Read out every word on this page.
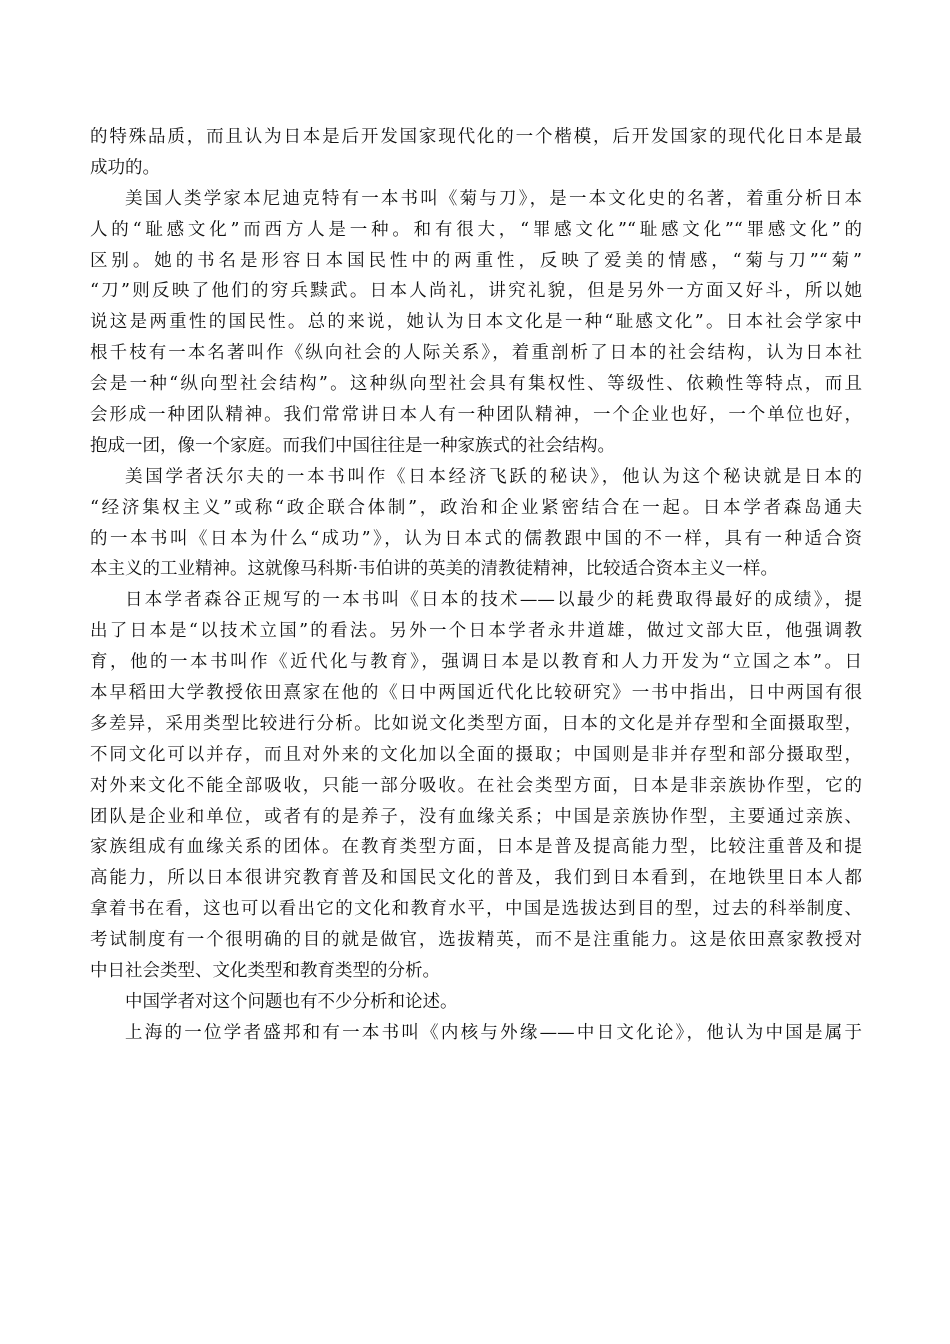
的特殊品质，而且认为日本是后开发国家现代化的一个楷模，后开发国家的现代化日本是最
成功的。
美国人类学家本尼迪克特有一本书叫《菊与刀》，是一本文化史的名著，着重分析日本
人的“耻感文化”而西方人是一种。和有很大，“罪感文化”“耻感文化”“罪感文化”的
区别。她的书名是形容日本国民性中的两重性，反映了爱美的情感，“菊与刀”“菊”
“刀”则反映了他们的穷兵黩武。日本人尚礼，讲究礼貌，但是另外一方面又好斗，所以她
说这是两重性的国民性。总的来说，她认为日本文化是一种“耻感文化”。日本社会学家中
根千枝有一本名著叫作《纵向社会的人际关系》，着重剖析了日本的社会结构，认为日本社
会是一种“纵向型社会结构”。这种纵向型社会具有集权性、等级性、依赖性等特点，而且
会形成一种团队精神。我们常常讲日本人有一种团队精神，一个企业也好，一个单位也好，
抱成一团，像一个家庭。而我们中国往往是一种家族式的社会结构。
美国学者沃尔夫的一本书叫作《日本经济飞跃的秘诀》，他认为这个秘诀就是日本的
“经济集权主义”或称“政企联合体制”，政治和企业紧密结合在一起。日本学者森岛通夫
的一本书叫《日本为什么“成功”》，认为日本式的儒教跟中国的不一样，具有一种适合资
本主义的工业精神。这就像马科斯·韦伯讲的英美的清教徒精神，比较适合资本主义一样。
日本学者森谷正规写的一本书叫《日本的技术——以最少的耗费取得最好的成绩》，提
出了日本是“以技术立国”的看法。另外一个日本学者永井道雄，做过文部大臣，他强调教
育，他的一本书叫作《近代化与教育》，强调日本是以教育和人力开发为“立国之本”。日
本早稻田大学教授依田熹家在他的《日中两国近代化比较研究》一书中指出，日中两国有很
多差异，采用类型比较进行分析。比如说文化类型方面，日本的文化是并存型和全面摄取型，
不同文化可以并存，而且对外来的文化加以全面的摄取；中国则是非并存型和部分摄取型，
对外来文化不能全部吸收，只能一部分吸收。在社会类型方面，日本是非亲族协作型，它的
团队是企业和单位，或者有的是养子，没有血缘关系；中国是亲族协作型，主要通过亲族、
家族组成有血缘关系的团体。在教育类型方面，日本是普及提高能力型，比较注重普及和提
高能力，所以日本很讲究教育普及和国民文化的普及，我们到日本看到，在地铁里日本人都
拿着书在看，这也可以看出它的文化和教育水平，中国是选拔达到目的型，过去的科举制度、
考试制度有一个很明确的目的就是做官，选拔精英，而不是注重能力。这是依田熹家教授对
中日社会类型、文化类型和教育类型的分析。
中国学者对这个问题也有不少分析和论述。
上海的一位学者盛邦和有一本书叫《内核与外缘——中日文化论》，他认为中国是属于
